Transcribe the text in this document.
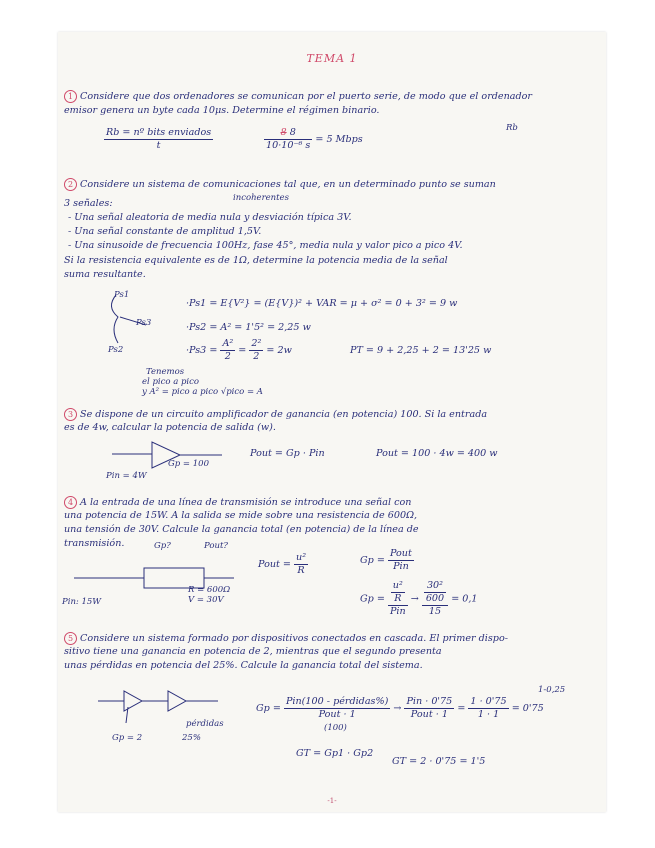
TEMA 1
1 Considere que dos ordenadores se comunican por el puerto serie, de modo que el ordenador
emisor genera un byte cada 10μs. Determine el régimen binario.
Rb
$\frac{\text{Rb = nº bits enviados}}{t}$	$\frac{8 8}{\text{10·10⁻⁶ s}} = 5$ Mbps
2 Considere un sistema de comunicaciones tal que, en un determinado punto se suman
incoherentes
3 señales:
- Una señal aleatoria de media nula y desviación típica 3V.
- Una señal constante de amplitud 1,5V.
- Una sinusoide de frecuencia 100Hz, fase 45°, media nula y valor pico a pico 4V.
Si la resistencia equivalente es de 1Ω, determine la potencia media de la señal
suma resultante.
Ps1
Ps3
Ps2
·Ps1 = E{V²} = (E{V})² + VAR = μ + σ² = 0 + 3² = 9 w
·Ps2 = A² = 1'5² = 2,25 w
$\cdot Ps3 = \frac{\text{A²}}{2} = \frac{\text{2²}}{2} = 2w$	PT = 9 + 2,25 + 2 = 13'25 w
Tenemos
el pico a pico
y A² = pico a pico √pico = A
3 Se dispone de un circuito amplificador de ganancia (en potencia) 100. Si la entrada
es de 4w, calcular la potencia de salida (w).
Gp = 100
Pin = 4W
Pout = Gp · Pin	Pout = 100 · 4w = 400 w
4 A la entrada de una línea de transmisión se introduce una señal con
una potencia de 15W. A la salida se mide sobre una resistencia de 600Ω,
una tensión de 30V. Calcule la ganancia total (en potencia) de la línea de
transmisión.	Gp?	Pout?
Pin: 15W
R = 600Ω
V = 30V
Pout = $\frac{\text{u²}}{R}$	$Gp = \frac{\text{Pout}}{\text{Pin}}$
$Gp = \frac{\frac{\text{u²}}{R}}{\text{Pin}} \to \frac{\frac{\text{30²}}{600}}{15} = 0,1$
5 Considere un sistema formado por dispositivos conectados en cascada. El primer dispo-
sitivo tiene una ganancia en potencia de 2, mientras que el segundo presenta
unas pérdidas en potencia del 25%. Calcule la ganancia total del sistema.
Gp = 2
pérdidas
25%
$Gp = \frac{\text{Pin(100 - pérdidas\%)}}{\text{Pout · 1}} \to \frac{\text{Pin · 0'75}}{\text{Pout · 1}} = \frac{1 \cdot 0'75}{1 \cdot 1} = 0'75$
(100)
1-0,25
GT = Gp1 · Gp2
GT = 2 · 0'75 = 1'5
-1-
